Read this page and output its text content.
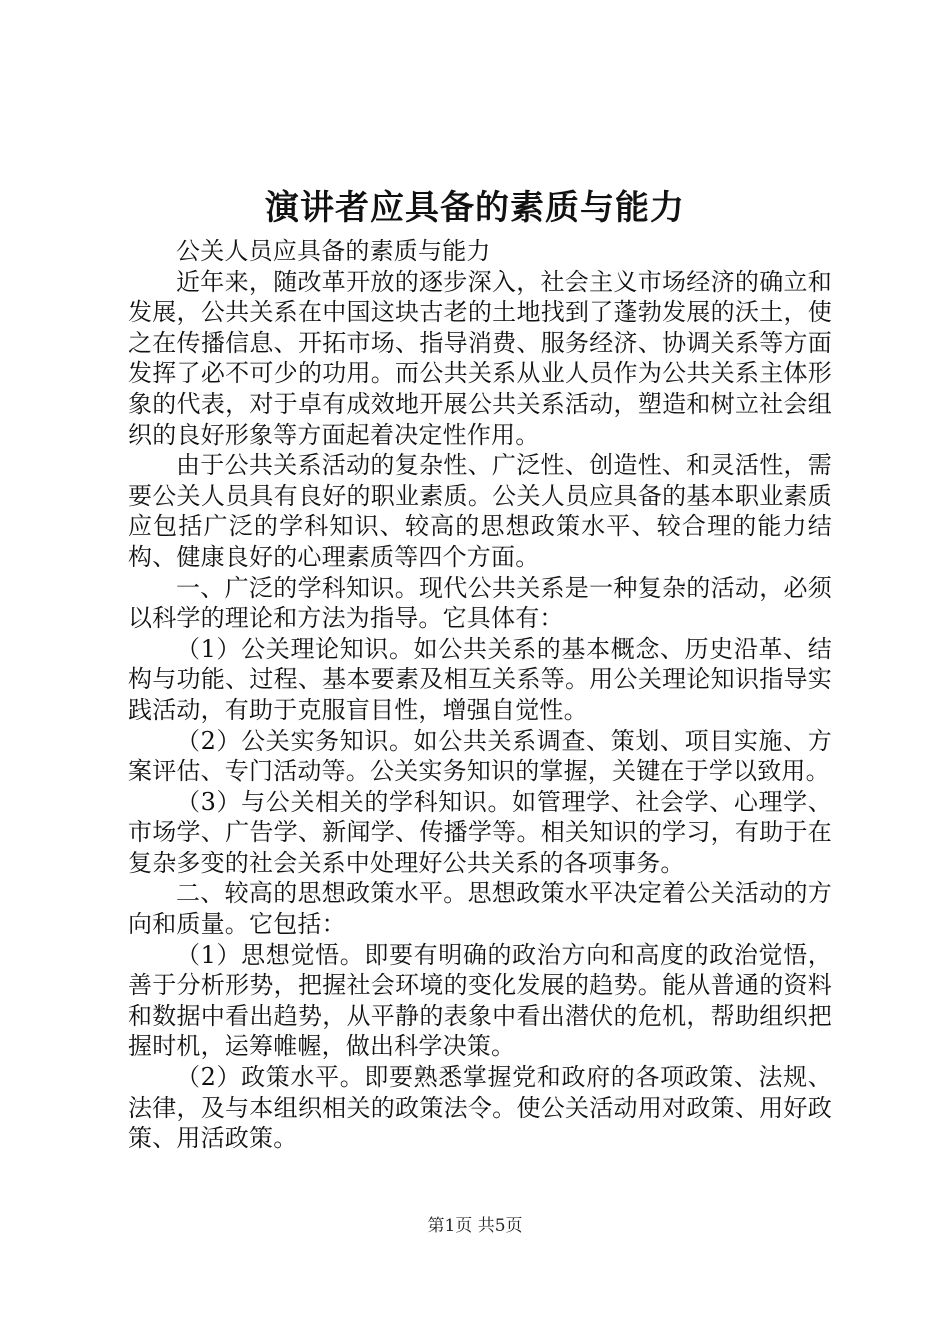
演讲者应具备的素质与能力

公关人员应具备的素质与能力

近年来，随改革开放的逐步深入，社会主义市场经济的确立和发展，公共关系在中国这块古老的土地找到了蓬勃发展的沃土，使之在传播信息、开拓市场、指导消费、服务经济、协调关系等方面发挥了必不可少的功用。而公共关系从业人员作为公共关系主体形象的代表，对于卓有成效地开展公共关系活动，塑造和树立社会组织的良好形象等方面起着决定性作用。

由于公共关系活动的复杂性、广泛性、创造性、和灵活性，需要公关人员具有良好的职业素质。公关人员应具备的基本职业素质应包括广泛的学科知识、较高的思想政策水平、较合理的能力结构、健康良好的心理素质等四个方面。

一、广泛的学科知识。现代公共关系是一种复杂的活动，必须以科学的理论和方法为指导。它具体有：

（1）公关理论知识。如公共关系的基本概念、历史沿革、结构与功能、过程、基本要素及相互关系等。用公关理论知识指导实践活动，有助于克服盲目性，增强自觉性。

（2）公关实务知识。如公共关系调查、策划、项目实施、方案评估、专门活动等。公关实务知识的掌握，关键在于学以致用。

（3）与公关相关的学科知识。如管理学、社会学、心理学、市场学、广告学、新闻学、传播学等。相关知识的学习，有助于在复杂多变的社会关系中处理好公共关系的各项事务。

二、较高的思想政策水平。思想政策水平决定着公关活动的方向和质量。它包括：

（1）思想觉悟。即要有明确的政治方向和高度的政治觉悟，善于分析形势，把握社会环境的变化发展的趋势。能从普通的资料和数据中看出趋势，从平静的表象中看出潜伏的危机，帮助组织把握时机，运筹帷幄，做出科学决策。

（2）政策水平。即要熟悉掌握党和政府的各项政策、法规、法律，及与本组织相关的政策法令。使公关活动用对政策、用好政策、用活政策。

第1页 共5页
